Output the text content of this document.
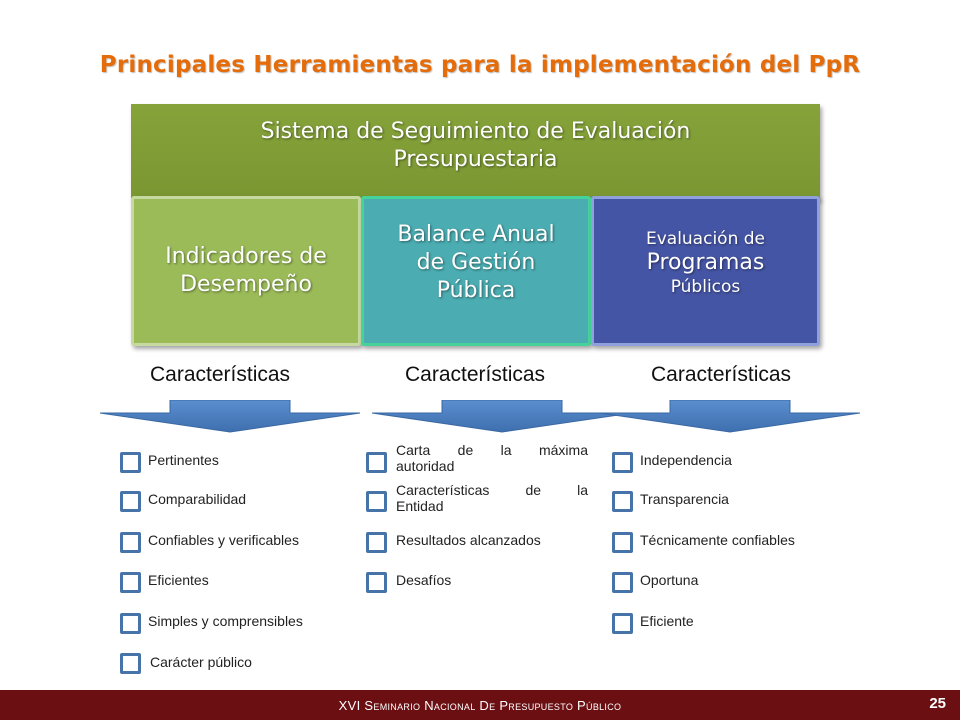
Principales Herramientas para la implementación del PpR
Sistema de Seguimiento de Evaluación
Presupuestaria
Indicadores de
Desempeño
Balance Anual
de Gestión
Pública
Evaluación de
Programas
Públicos
Características	Características	Características
Pertinentes
Comparabilidad
Confiables y verificables
Eficientes
Simples y comprensibles
Carácter público
Carta de la máxima
autoridad
Características	de	la
Entidad
Resultados alcanzados
Desafíos
Independencia
Transparencia
Técnicamente confiables
Oportuna
Eficiente
XVI Seminario Nacional De Presupuesto Público	25
